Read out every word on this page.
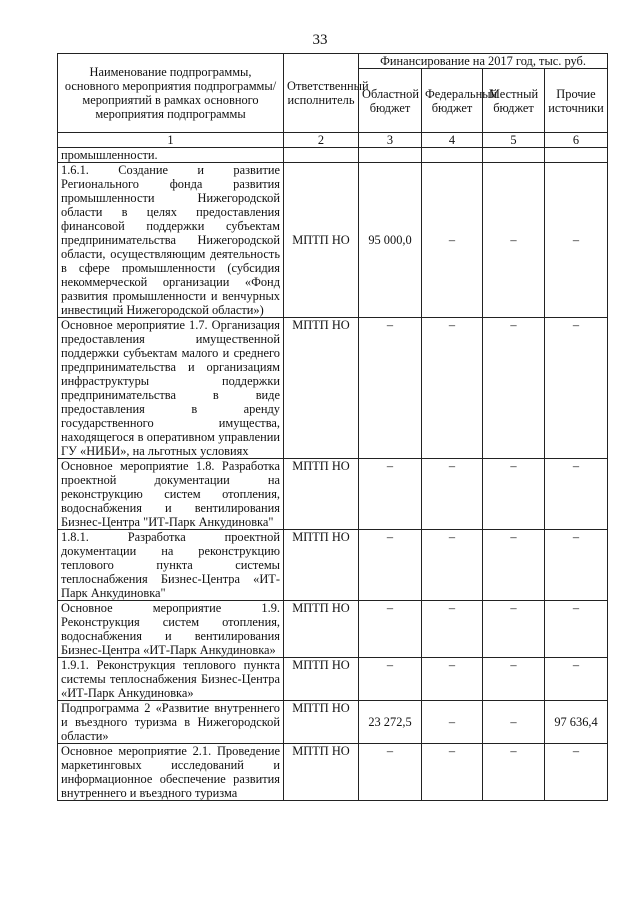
33
Наименование подпрограммы, основного мероприятия подпрограммы/мероприятий в рамках основного мероприятия подпрограммы	Ответственный исполнитель	Финансирование на 2017 год, тыс. руб.			
		Областной бюджет	Федеральный бюджет	Местный бюджет	Прочие источники
1	2	3	4	5	6
промышленности.					
1.6.1. Создание и развитие Регионального фонда развития промышленности Нижегородской области в целях предоставления финансовой поддержки субъектам предпринимательства Нижегородской области, осуществляющим деятельность в сфере промышленности (субсидия некоммерческой организации «Фонд развития промышленности и венчурных инвестиций Нижегородской области»)	МПТП НО	95 000,0	–	–	–
Основное мероприятие 1.7. Организация предоставления имущественной поддержки субъектам малого и среднего предпринимательства и организациям инфраструктуры поддержки предпринимательства в виде предоставления в аренду государственного имущества, находящегося в оперативном управлении ГУ «НИБИ», на льготных условиях	МПТП НО	–	–	–	–
Основное мероприятие 1.8. Разработка проектной документации на реконструкцию систем отопления, водоснабжения и вентилирования Бизнес-Центра "ИТ-Парк Анкудиновка"	МПТП НО	–	–	–	–
1.8.1. Разработка проектной документации на реконструкцию теплового пункта системы теплоснабжения Бизнес-Центра «ИТ-Парк Анкудиновка"	МПТП НО	–	–	–	–
Основное мероприятие 1.9. Реконструкция систем отопления, водоснабжения и вентилирования Бизнес-Центра «ИТ-Парк Анкудиновка»	МПТП НО	–	–	–	–
1.9.1. Реконструкция теплового пункта системы теплоснабжения Бизнес-Центра «ИТ-Парк Анкудиновка»	МПТП НО	–	–	–	–
Подпрограмма 2 «Развитие внутреннего и въездного туризма в Нижегородской области»	МПТП НО	23 272,5	–	–	97 636,4
Основное мероприятие 2.1. Проведение маркетинговых исследований и информационное обеспечение развития внутреннего и въездного туризма	МПТП НО	–	–	–	–
